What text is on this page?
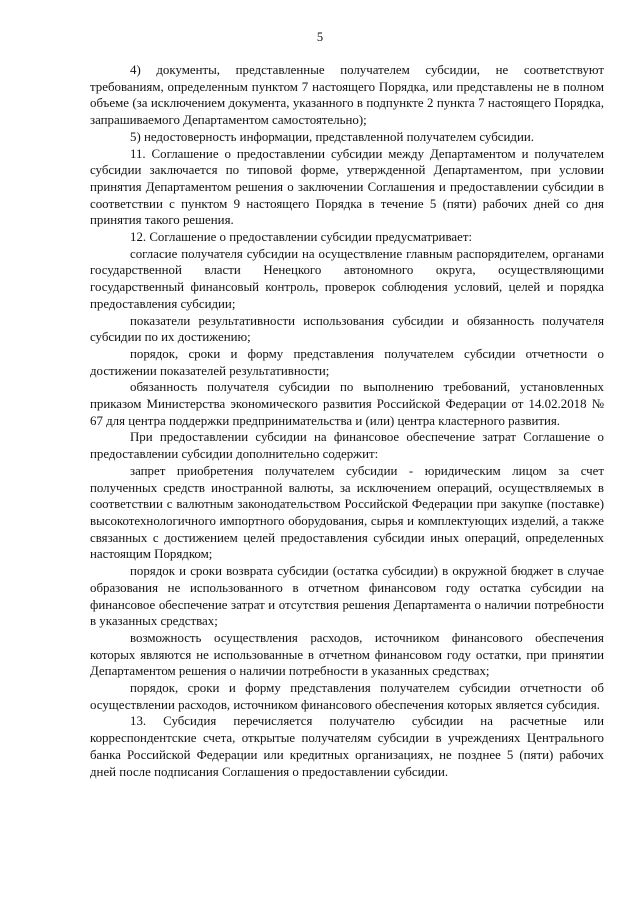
5

4) документы, представленные получателем субсидии, не соответствуют требованиям, определенным пунктом 7 настоящего Порядка, или представлены не в полном объеме (за исключением документа, указанного в подпункте 2 пункта 7 настоящего Порядка, запрашиваемого Департаментом самостоятельно);

5) недостоверность информации, представленной получателем субсидии.

11. Соглашение о предоставлении субсидии между Департаментом и получателем субсидии заключается по типовой форме, утвержденной Департаментом, при условии принятия Департаментом решения о заключении Соглашения и предоставлении субсидии в соответствии с пунктом 9 настоящего Порядка в течение 5 (пяти) рабочих дней со дня принятия такого решения.

12. Соглашение о предоставлении субсидии предусматривает:

согласие получателя субсидии на осуществление главным распорядителем, органами государственной власти Ненецкого автономного округа, осуществляющими государственный финансовый контроль, проверок соблюдения условий, целей и порядка предоставления субсидии;

показатели результативности использования субсидии и обязанность получателя субсидии по их достижению;

порядок, сроки и форму представления получателем субсидии отчетности о достижении показателей результативности;

обязанность получателя субсидии по выполнению требований, установленных приказом Министерства экономического развития Российской Федерации от 14.02.2018 № 67 для центра поддержки предпринимательства и (или) центра кластерного развития.

При предоставлении субсидии на финансовое обеспечение затрат Соглашение о предоставлении субсидии дополнительно содержит:

запрет приобретения получателем субсидии - юридическим лицом за счет полученных средств иностранной валюты, за исключением операций, осуществляемых в соответствии с валютным законодательством Российской Федерации при закупке (поставке) высокотехнологичного импортного оборудования, сырья и комплектующих изделий, а также связанных с достижением целей предоставления субсидии иных операций, определенных настоящим Порядком;

порядок и сроки возврата субсидии (остатка субсидии) в окружной бюджет в случае образования не использованного в отчетном финансовом году остатка субсидии на финансовое обеспечение затрат и отсутствия решения Департамента о наличии потребности в указанных средствах;

возможность осуществления расходов, источником финансового обеспечения которых являются не использованные в отчетном финансовом году остатки, при принятии Департаментом решения о наличии потребности в указанных средствах;

порядок, сроки и форму представления получателем субсидии отчетности об осуществлении расходов, источником финансового обеспечения которых является субсидия.

13. Субсидия перечисляется получателю субсидии на расчетные или корреспондентские счета, открытые получателям субсидии в учреждениях Центрального банка Российской Федерации или кредитных организациях, не позднее 5 (пяти) рабочих дней после подписания Соглашения о предоставлении субсидии.
